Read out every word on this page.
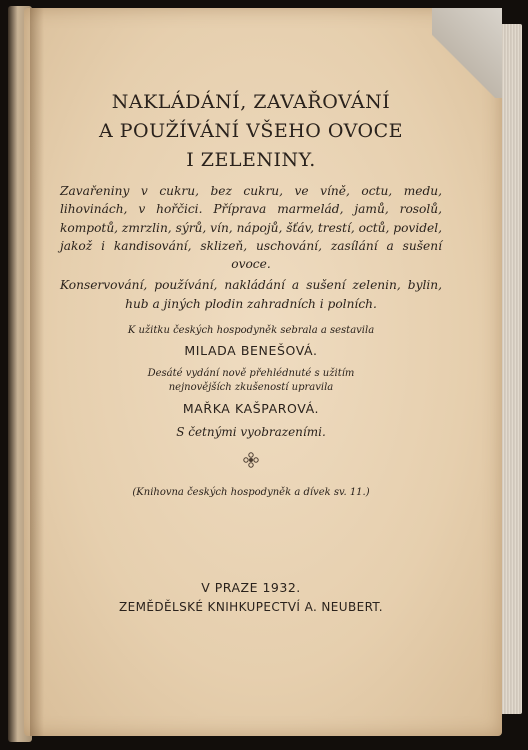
NAKLÁDÁNÍ, ZAVAŘOVÁNÍ
A POUŽÍVÁNÍ VŠEHO OVOCE
I ZELENINY.

Zavařeniny v cukru, bez cukru, ve víně, octu, medu, lihovinách, v hořčici. Příprava marmelád, jamů, rosolů, kompotů, zmrzlin, sýrů, vín, nápojů, šťáv, trestí, octů, povidel, jakož i kandisování, sklizeň, uschování, zasílání a sušení ovoce.

Konservování, používání, nakládání a sušení zelenin, bylin, hub a jiných plodin zahradních i polních.

K užitku českých hospodyněk sebrala a sestavila

MILADA BENEŠOVÁ.

Desáté vydání nově přehlédnuté s užitím
nejnovějších zkušeností upravila

MAŘKA KAŠPAROVÁ.

S četnými vyobrazeními.

(Knihovna českých hospodyněk a dívek sv. 11.)

V PRAZE 1932.

ZEMĚDĚLSKÉ KNIHKUPECTVÍ A. NEUBERT.
